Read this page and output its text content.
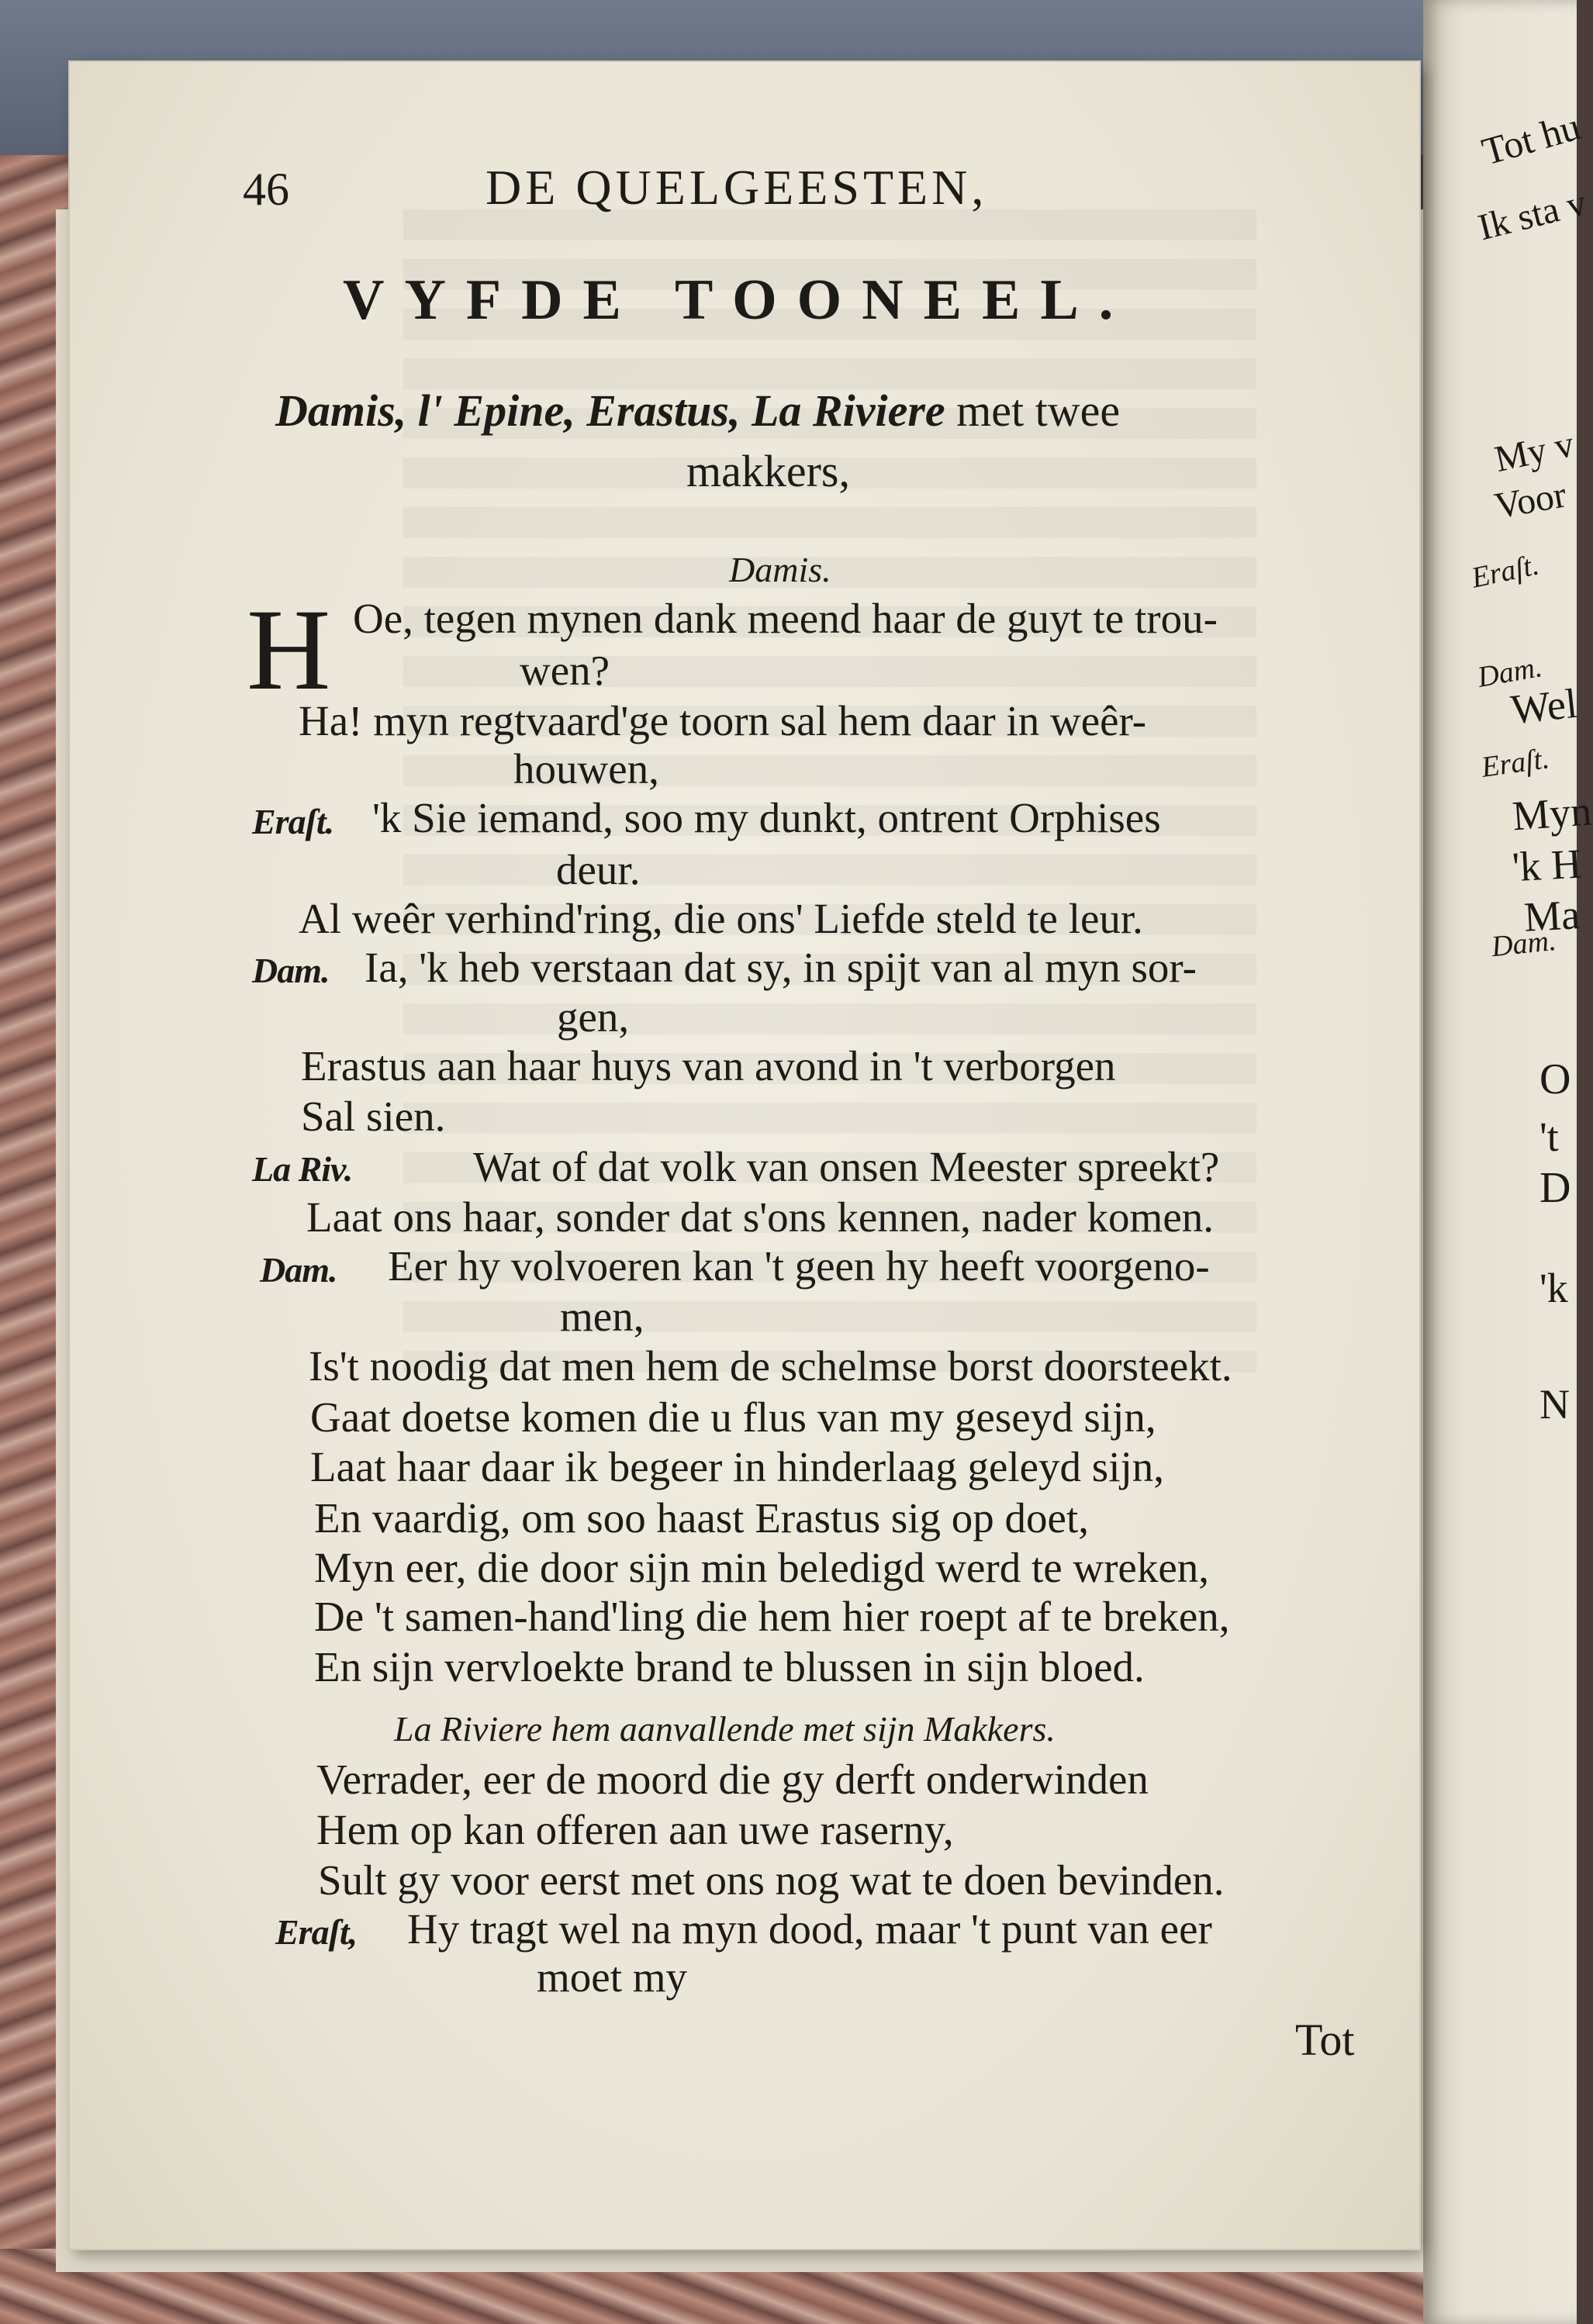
Tot hu
Ik sta v
My v
Voor
Eraſt.
Dam.
Wel
Eraſt.
Myn
'k H
Ma
Dam.
O
't
D
'k
N
46	DE QUELGEESTEN,
VYFDE TOONEEL.
Damis, l' Epine, Erastus, La Riviere met twee
makkers,
Damis.
H Oe, tegen mynen dank meend haar de guyt te trou-
wen?
Ha! myn regtvaard'ge toorn sal hem daar in weêr-
houwen,
Eraſt. 'k Sie iemand, soo my dunkt, ontrent Orphises
deur.
Al weêr verhind'ring, die ons' Liefde steld te leur.
Dam. Ia, 'k heb verstaan dat sy, in spijt van al myn sor-
gen,
Erastus aan haar huys van avond in 't verborgen
Sal sien.
La Riv.	Wat of dat volk van onsen Meester spreekt?
Laat ons haar, sonder dat s'ons kennen, nader komen.
Dam. Eer hy volvoeren kan 't geen hy heeft voorgeno-
men,
Is't noodig dat men hem de schelmse borst doorsteekt.
Gaat doetse komen die u flus van my geseyd sijn,
Laat haar daar ik begeer in hinderlaag geleyd sijn,
En vaardig, om soo haast Erastus sig op doet,
Myn eer, die door sijn min beledigd werd te wreken,
De 't samen-hand'ling die hem hier roept af te breken,
En sijn vervloekte brand te blussen in sijn bloed.
La Riviere hem aanvallende met sijn Makkers.
Verrader, eer de moord die gy derft onderwinden
Hem op kan offeren aan uwe raserny,
Sult gy voor eerst met ons nog wat te doen bevinden.
Eraſt, Hy tragt wel na myn dood, maar 't punt van eer
moet my
Tot
